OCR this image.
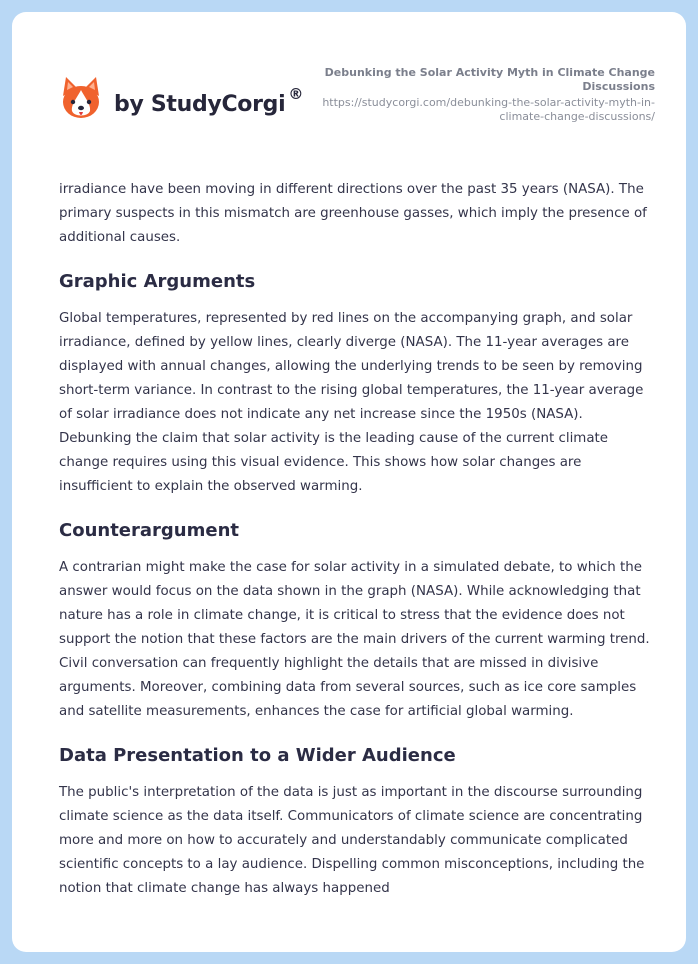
by StudyCorgi ®
Debunking the Solar Activity Myth in Climate Change Discussions
https://studycorgi.com/debunking-the-solar-activity-myth-in-climate-change-discussions/

irradiance have been moving in different directions over the past 35 years (NASA). The primary suspects in this mismatch are greenhouse gasses, which imply the presence of additional causes.

Graphic Arguments

Global temperatures, represented by red lines on the accompanying graph, and solar irradiance, defined by yellow lines, clearly diverge (NASA). The 11-year averages are displayed with annual changes, allowing the underlying trends to be seen by removing short-term variance. In contrast to the rising global temperatures, the 11-year average of solar irradiance does not indicate any net increase since the 1950s (NASA). Debunking the claim that solar activity is the leading cause of the current climate change requires using this visual evidence. This shows how solar changes are insufficient to explain the observed warming.

Counterargument

A contrarian might make the case for solar activity in a simulated debate, to which the answer would focus on the data shown in the graph (NASA). While acknowledging that nature has a role in climate change, it is critical to stress that the evidence does not support the notion that these factors are the main drivers of the current warming trend. Civil conversation can frequently highlight the details that are missed in divisive arguments. Moreover, combining data from several sources, such as ice core samples and satellite measurements, enhances the case for artificial global warming.

Data Presentation to a Wider Audience

The public's interpretation of the data is just as important in the discourse surrounding climate science as the data itself. Communicators of climate science are concentrating more and more on how to accurately and understandably communicate complicated scientific concepts to a lay audience. Dispelling common misconceptions, including the notion that climate change has always happened
